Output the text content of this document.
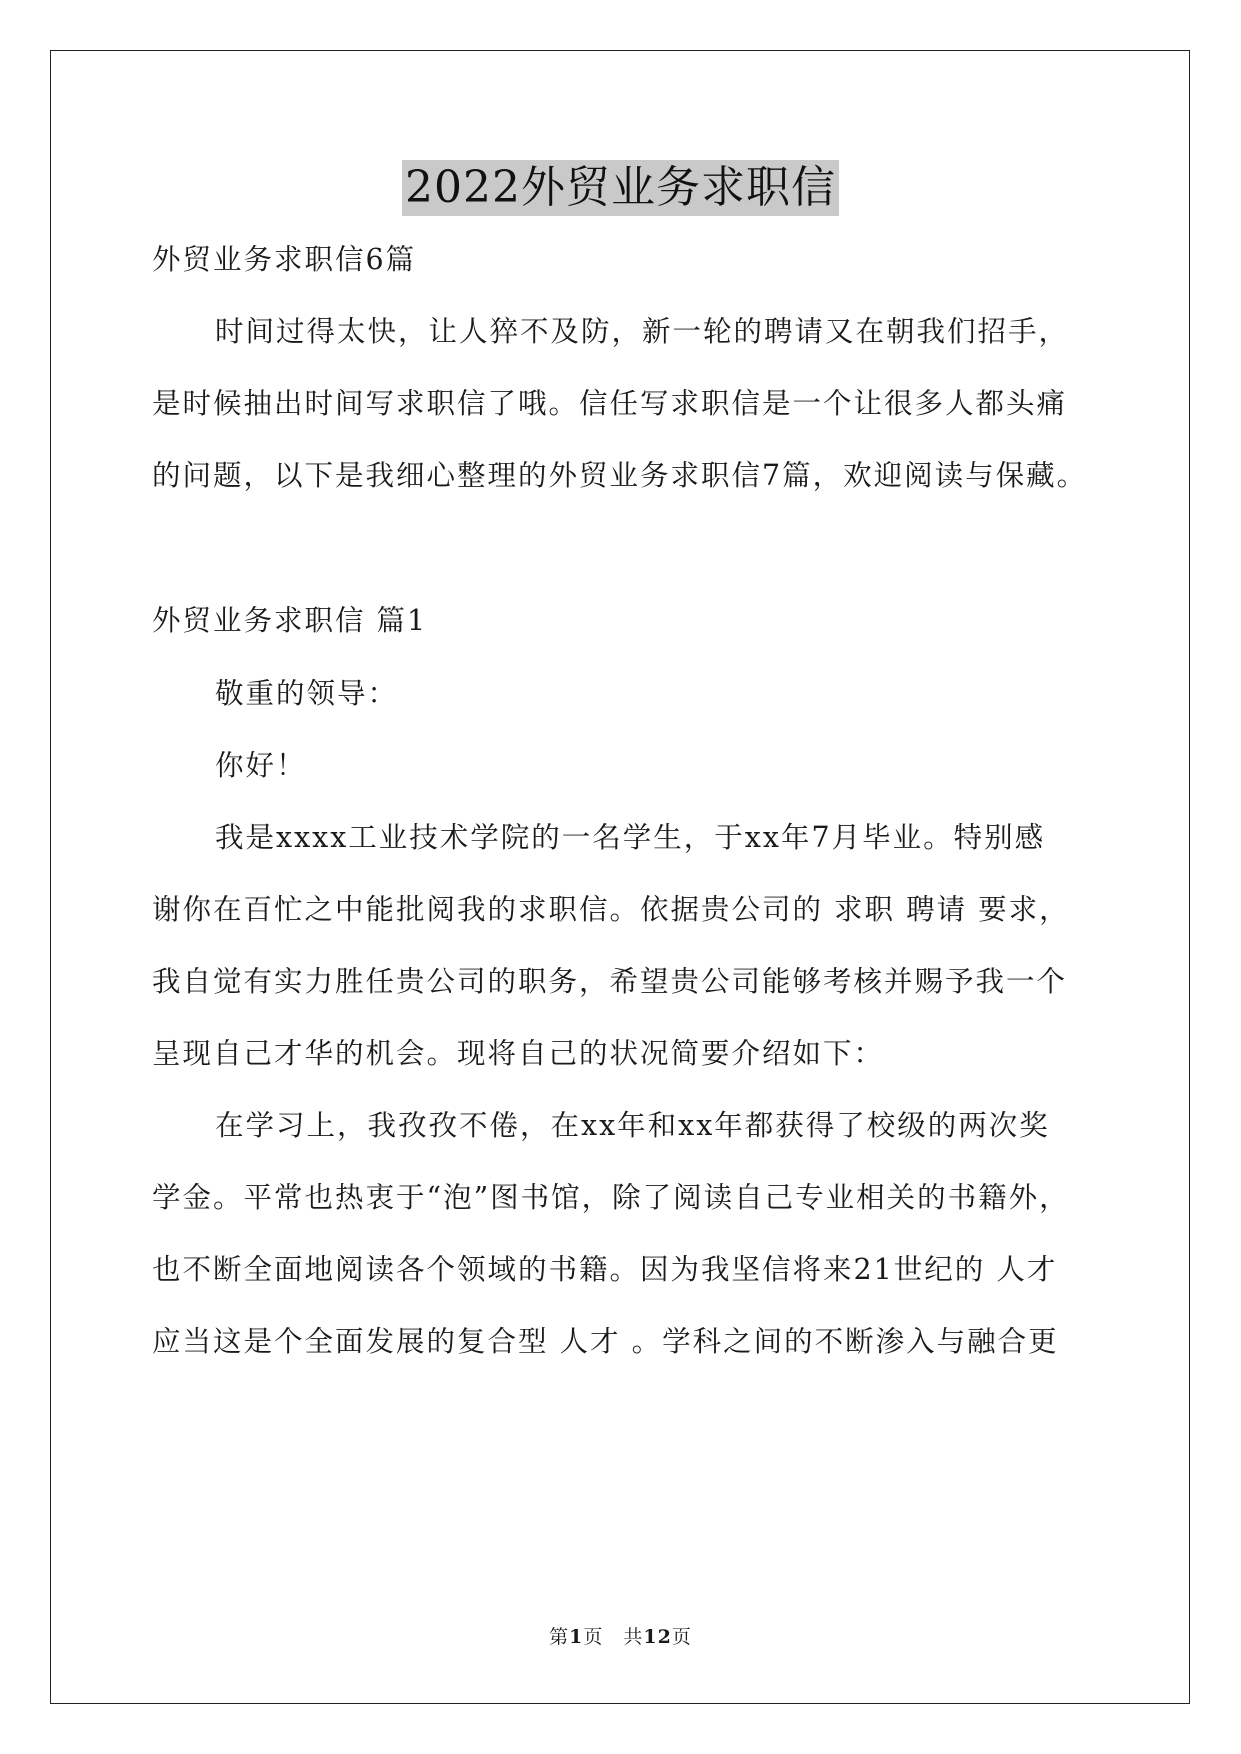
2022外贸业务求职信
外贸业务求职信6篇
时间过得太快，让人猝不及防，新一轮的聘请又在朝我们招手，
是时候抽出时间写求职信了哦。信任写求职信是一个让很多人都头痛
的问题，以下是我细心整理的外贸业务求职信7篇，欢迎阅读与保藏。
外贸业务求职信 篇1
敬重的领导：
你好！
我是xxxx工业技术学院的一名学生，于xx年7月毕业。特别感
谢你在百忙之中能批阅我的求职信。依据贵公司的 求职 聘请 要求，
我自觉有实力胜任贵公司的职务，希望贵公司能够考核并赐予我一个
呈现自己才华的机会。现将自己的状况简要介绍如下：
在学习上，我孜孜不倦，在xx年和xx年都获得了校级的两次奖
学金。平常也热衷于“泡”图书馆，除了阅读自己专业相关的书籍外，
也不断全面地阅读各个领域的书籍。因为我坚信将来21世纪的 人才
应当这是个全面发展的复合型 人才 。学科之间的不断渗入与融合更
第1页　共12页
